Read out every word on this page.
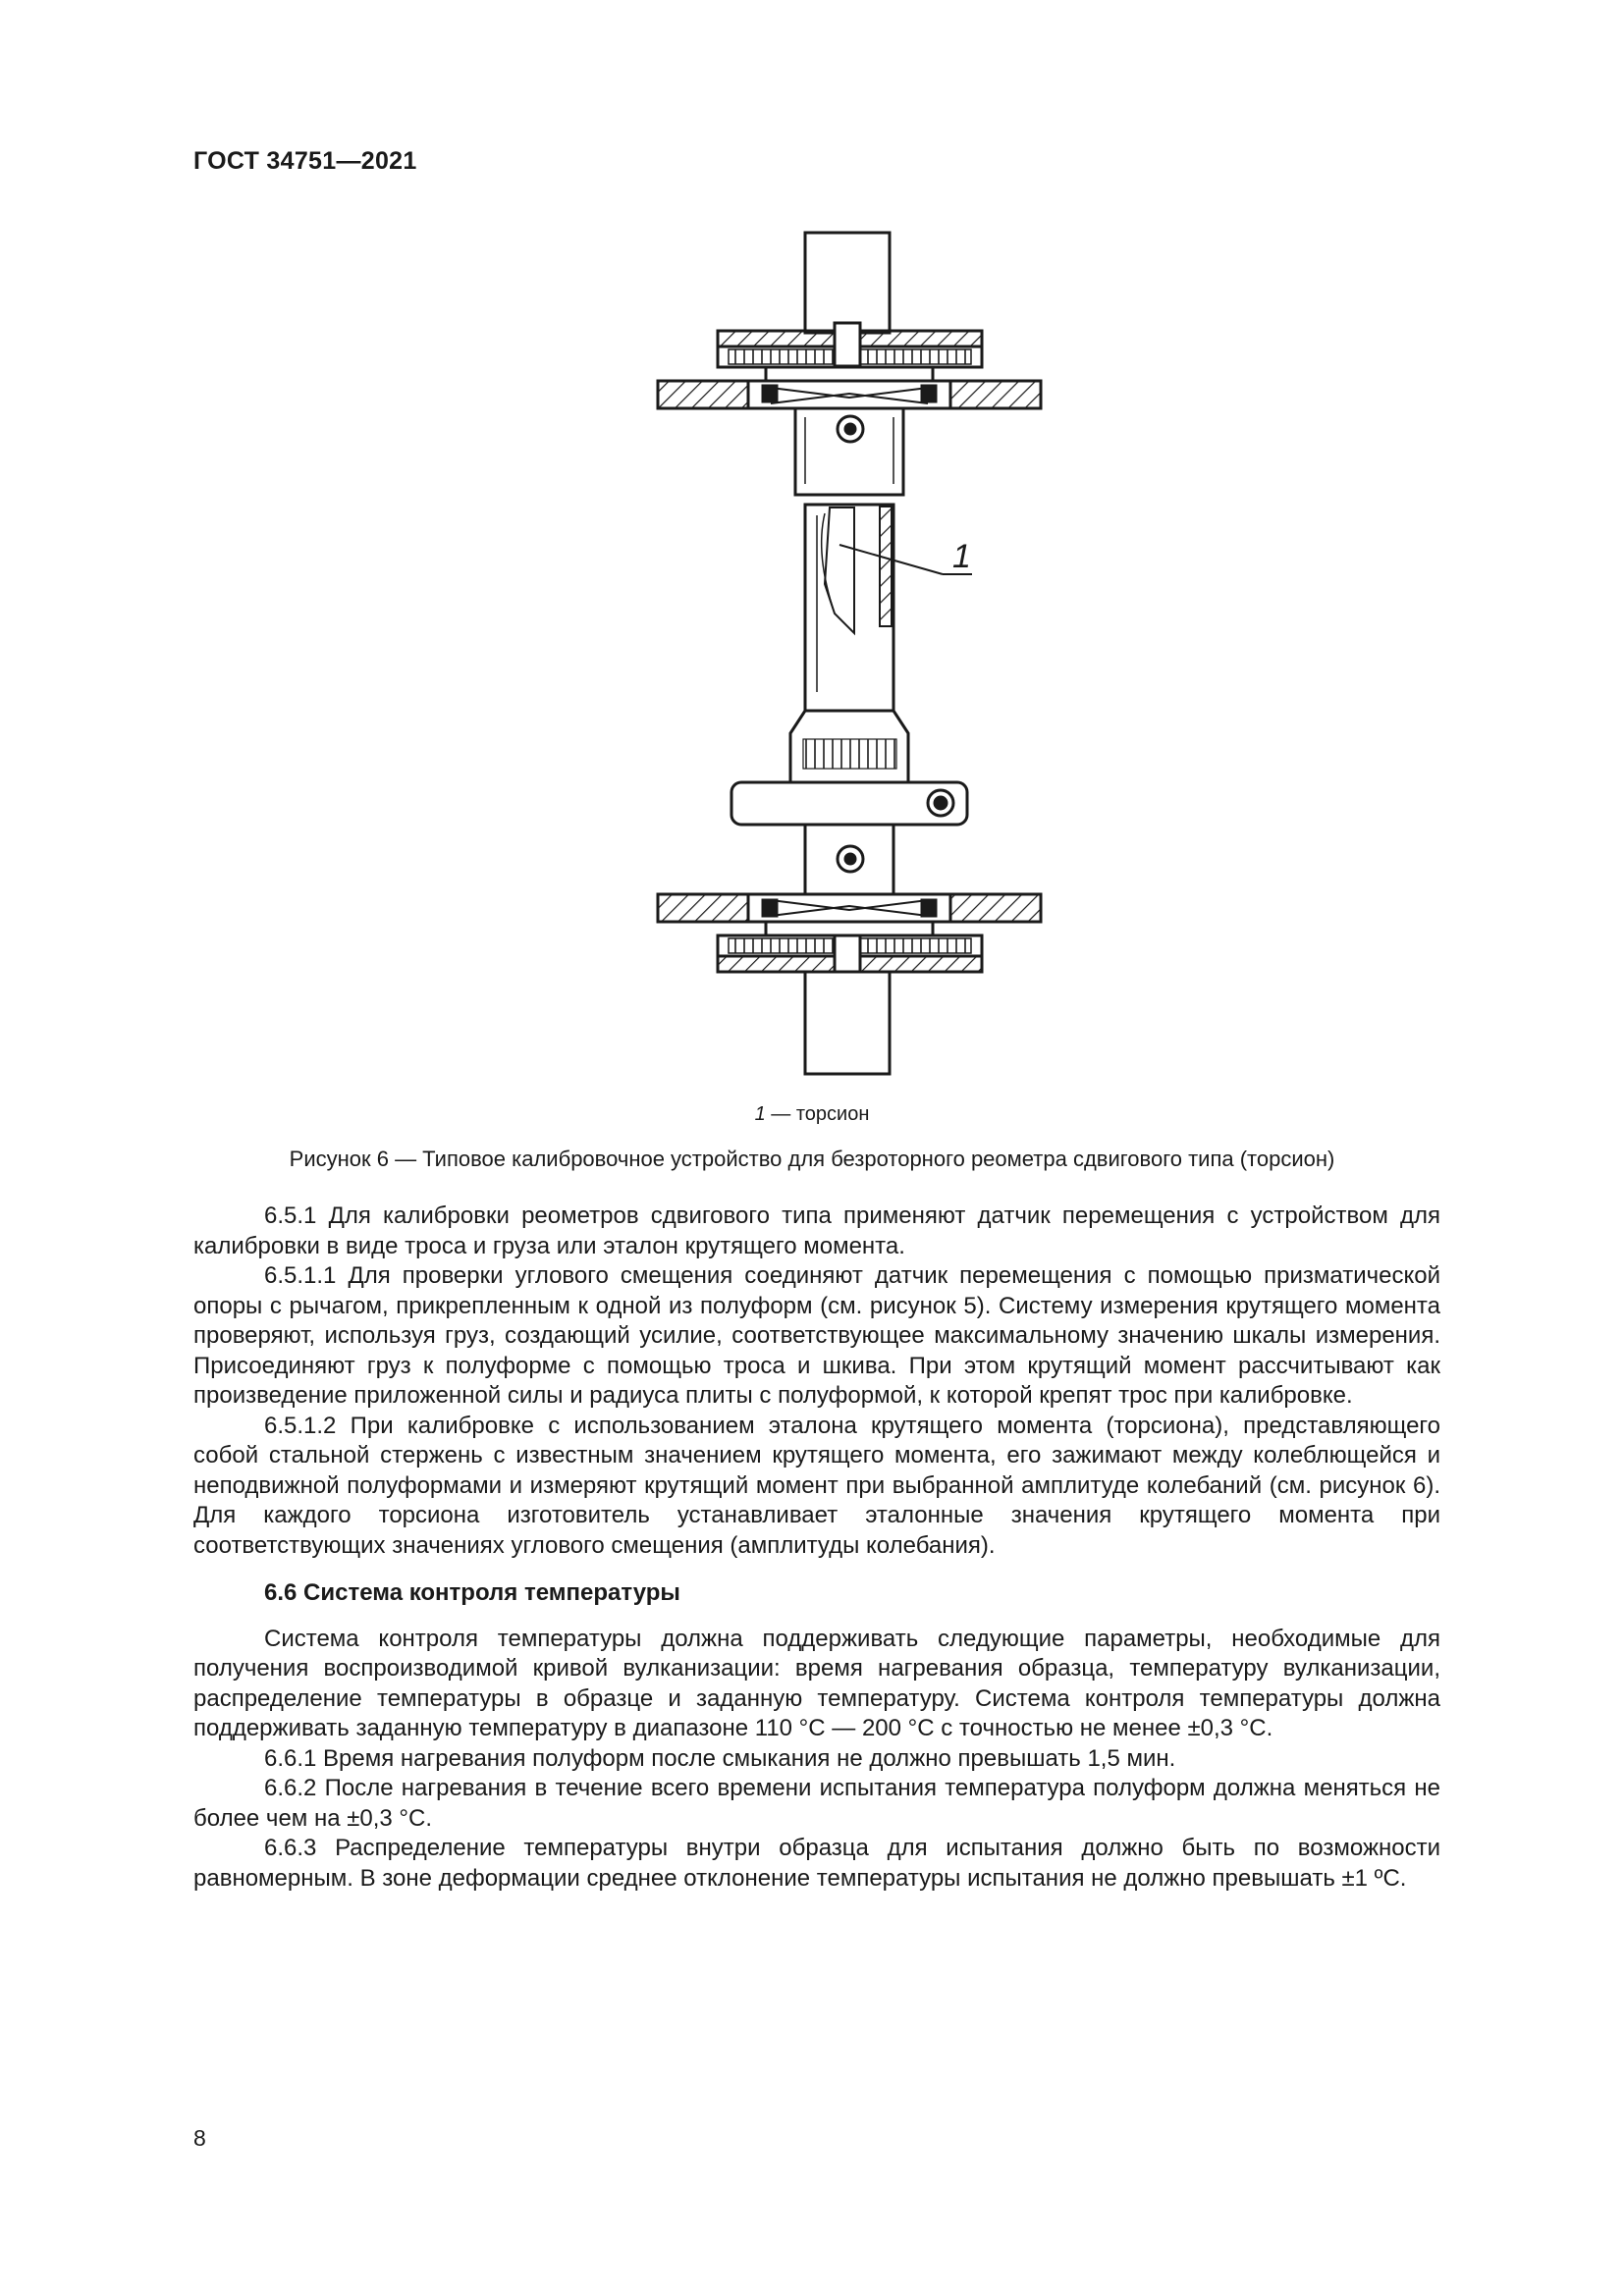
ГОСТ 34751—2021
1
1 — торсион
Рисунок 6 — Типовое калибровочное устройство для безроторного реометра сдвигового типа (торсион)

6.5.1 Для калибровки реометров сдвигового типа применяют датчик перемещения с устройством для калибровки в виде троса и груза или эталон крутящего момента.

6.5.1.1 Для проверки углового смещения соединяют датчик перемещения с помощью призматической опоры с рычагом, прикрепленным к одной из полуформ (см. рисунок 5). Систему измерения крутящего момента проверяют, используя груз, создающий усилие, соответствующее максимальному значению шкалы измерения. Присоединяют груз к полуформе с помощью троса и шкива. При этом крутящий момент рассчитывают как произведение приложенной силы и радиуса плиты с полуформой, к которой крепят трос при калибровке.

6.5.1.2 При калибровке с использованием эталона крутящего момента (торсиона), представляющего собой стальной стержень с известным значением крутящего момента, его зажимают между колеблющейся и неподвижной полуформами и измеряют крутящий момент при выбранной амплитуде колебаний (см. рисунок 6). Для каждого торсиона изготовитель устанавливает эталонные значения крутящего момента при соответствующих значениях углового смещения (амплитуды колебания).

6.6 Система контроля температуры

Система контроля температуры должна поддерживать следующие параметры, необходимые для получения воспроизводимой кривой вулканизации: время нагревания образца, температуру вулканизации, распределение температуры в образце и заданную температуру. Система контроля температуры должна поддерживать заданную температуру в диапазоне 110 °С — 200 °С с точностью не менее ±0,3 °С.

6.6.1 Время нагревания полуформ после смыкания не должно превышать 1,5 мин.

6.6.2 После нагревания в течение всего времени испытания температура полуформ должна меняться не более чем на ±0,3 °С.

6.6.3 Распределение температуры внутри образца для испытания должно быть по возможности равномерным. В зоне деформации среднее отклонение температуры испытания не должно превышать ±1 ºС.

8
